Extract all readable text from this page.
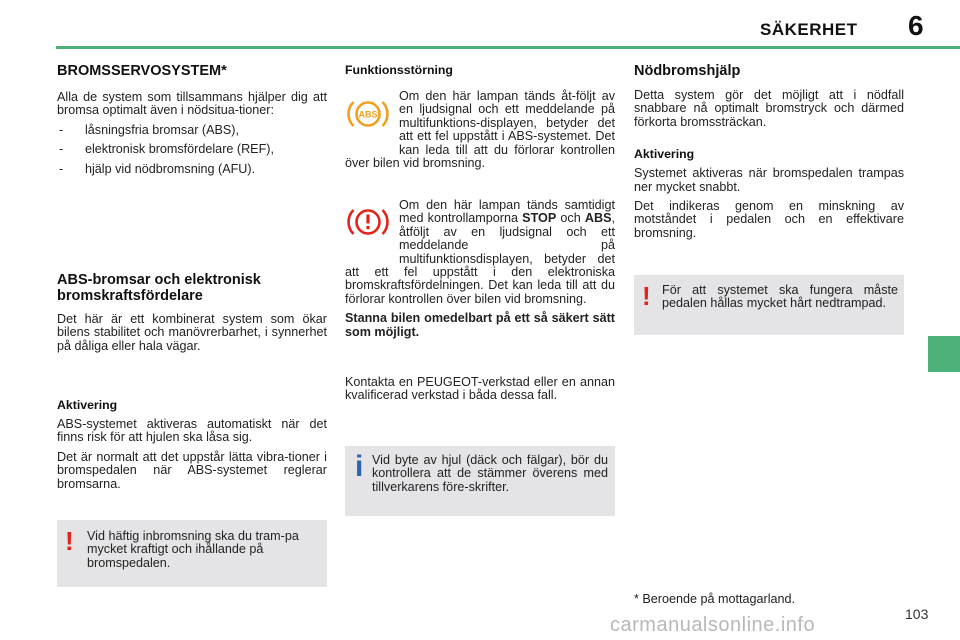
SÄKERHET 6
BROMSSERVOSYSTEM*

Alla de system som tillsammans hjälper dig att bromsa optimalt även i nödsitua-tioner:

- låsningsfria bromsar (ABS),
- elektronisk bromsfördelare (REF),
- hjälp vid nödbromsning (AFU).
ABS-bromsar och elektronisk bromskraftsfördelare

Det här är ett kombinerat system som ökar bilens stabilitet och manövrerbarhet, i synnerhet på dåliga eller hala vägar.

Aktivering

ABS-systemet aktiveras automatiskt när det finns risk för att hjulen ska låsa sig.

Det är normalt att det uppstår lätta vibra-tioner i bromspedalen när ABS-systemet reglerar bromsarna.

! Vid häftig inbromsning ska du tram-pa mycket kraftigt och ihållande på bromspedalen.
Funktionsstörning
ABS
Om den här lampan tänds åt-följt av en ljudsignal och ett meddelande på multifunktions-displayen, betyder det att ett fel uppstått i ABS-systemet. Det kan leda till att du förlorar kontrollen över bilen vid bromsning.
Om den här lampan tänds samtidigt med kontrollamporna STOP och ABS, åtföljt av en ljudsignal och ett meddelande på multifunktionsdisplayen, betyder det att ett fel uppstått i den elektroniska bromskraftsfördelningen. Det kan leda till att du förlorar kontrollen över bilen vid bromsning.

Stanna bilen omedelbart på ett så säkert sätt som möjligt.

Kontakta en PEUGEOT-verkstad eller en annan kvalificerad verkstad i båda dessa fall.

i Vid byte av hjul (däck och fälgar), bör du kontrollera att de stämmer överens med tillverkarens före-skrifter.
Nödbromshjälp

Detta system gör det möjligt att i nödfall snabbare nå optimalt bromstryck och därmed förkorta bromssträckan.

Aktivering

Systemet aktiveras när bromspedalen trampas ner mycket snabbt.

Det indikeras genom en minskning av motståndet i pedalen och en effektivare bromsning.

! För att systemet ska fungera måste pedalen hållas mycket hårt nedtrampad.
* Beroende på mottagarland.
103
carmanualsonline.info
